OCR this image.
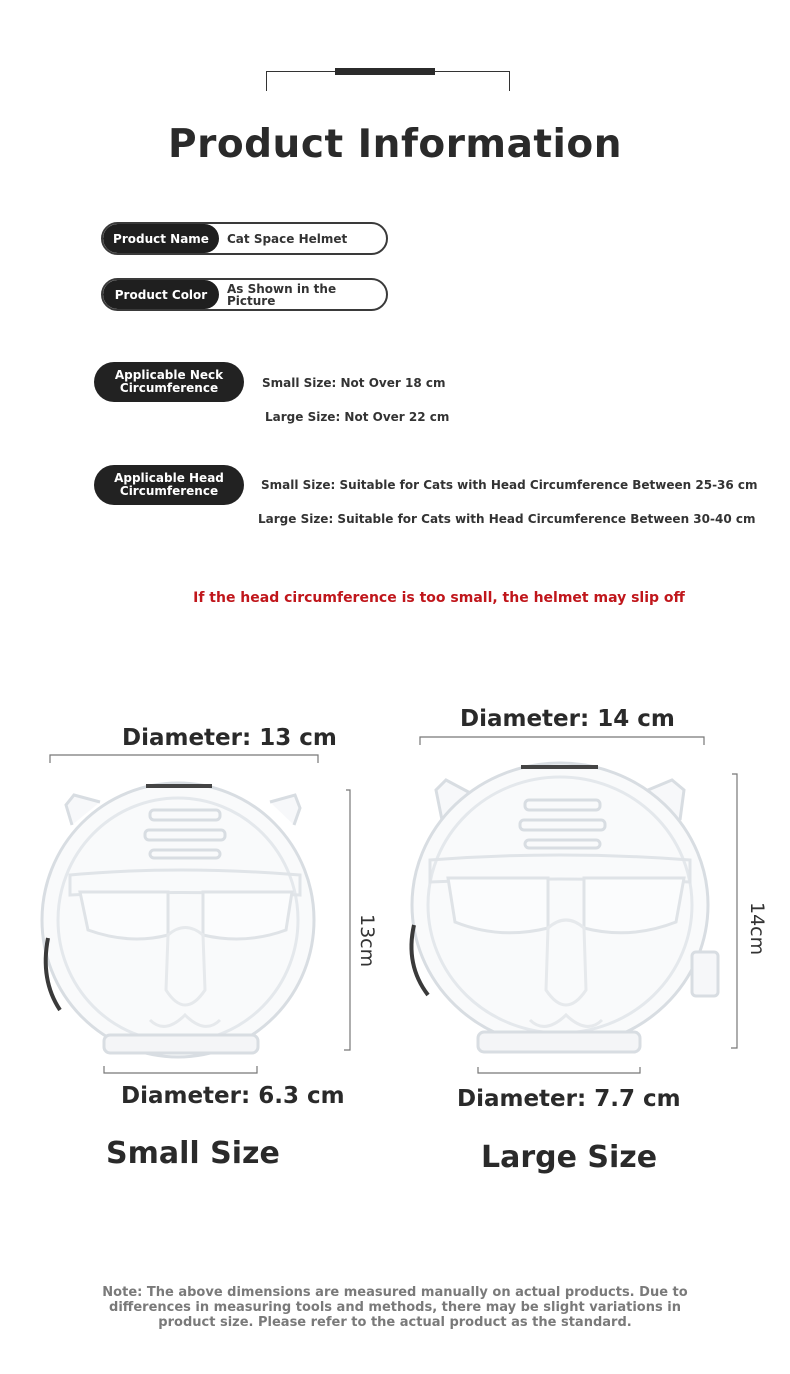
Product Information
Product Name	Cat Space Helmet
Product Color	As Shown in the Picture
Applicable Neck Circumference	Small Size: Not Over 18 cm
Large Size: Not Over 22 cm
Applicable Head Circumference	Small Size: Suitable for Cats with Head Circumference Between 25-36 cm
Large Size: Suitable for Cats with Head Circumference Between 30-40 cm
If the head circumference is too small, the helmet may slip off
Diameter: 13 cm
13cm
Diameter: 6.3 cm
Small Size
Diameter: 14 cm
14cm
Diameter: 7.7 cm
Large Size
Note: The above dimensions are measured manually on actual products. Due to differences in measuring tools and methods, there may be slight variations in product size. Please refer to the actual product as the standard.
